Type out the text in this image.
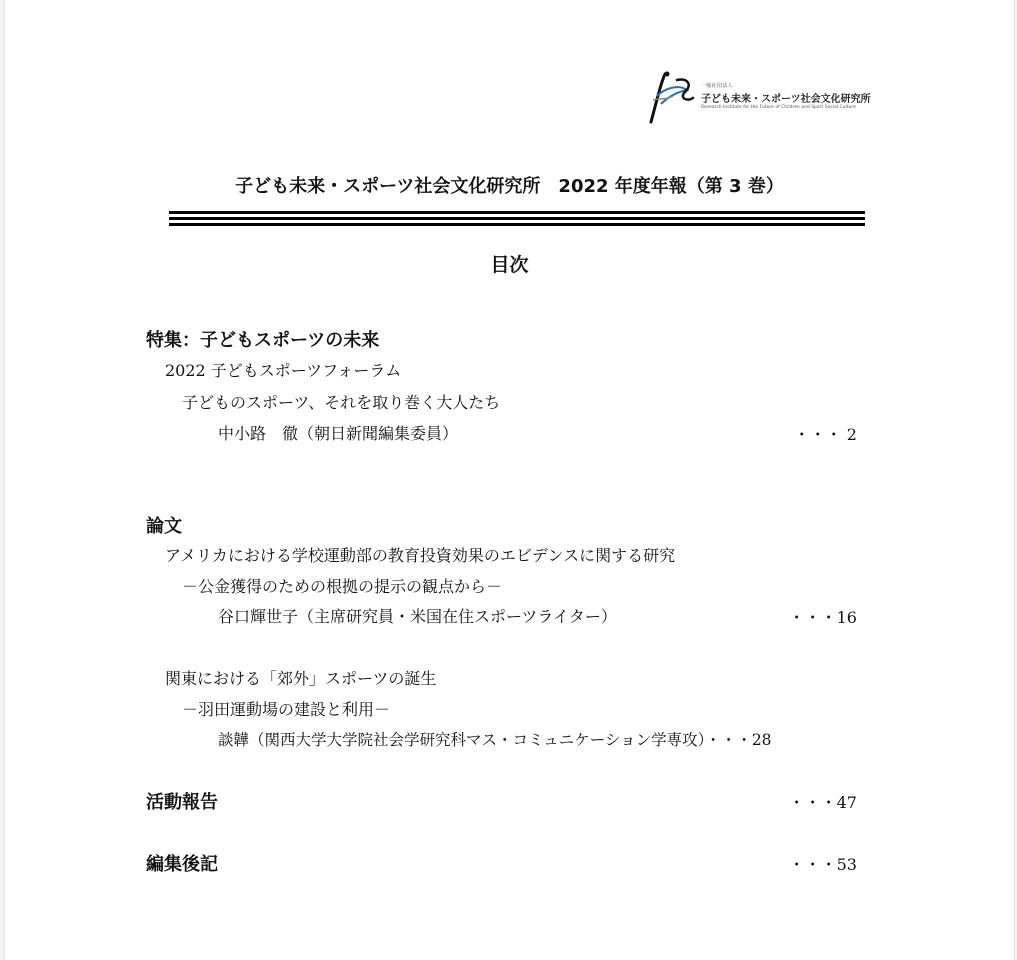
一般社団法人
子ども未来・スポーツ社会文化研究所
Research Institute for the Future of Children and Sport Social Culture
子ども未来・スポーツ社会文化研究所　2022 年度年報（第 3 巻）
目次
特集：子どもスポーツの未来
2022 子どもスポーツフォーラム
子どものスポーツ、それを取り巻く大人たち
中小路　徹（朝日新聞編集委員）	・・・ 2
論文
アメリカにおける学校運動部の教育投資効果のエビデンスに関する研究
－公金獲得のための根拠の提示の観点から－
谷口輝世子（主席研究員・米国在住スポーツライター）	・・・16
関東における「郊外」スポーツの誕生
－羽田運動場の建設と利用－
談韡（関西大学大学院社会学研究科マス・コミュニケーション学専攻）・・・28
活動報告	・・・47
編集後記	・・・53
